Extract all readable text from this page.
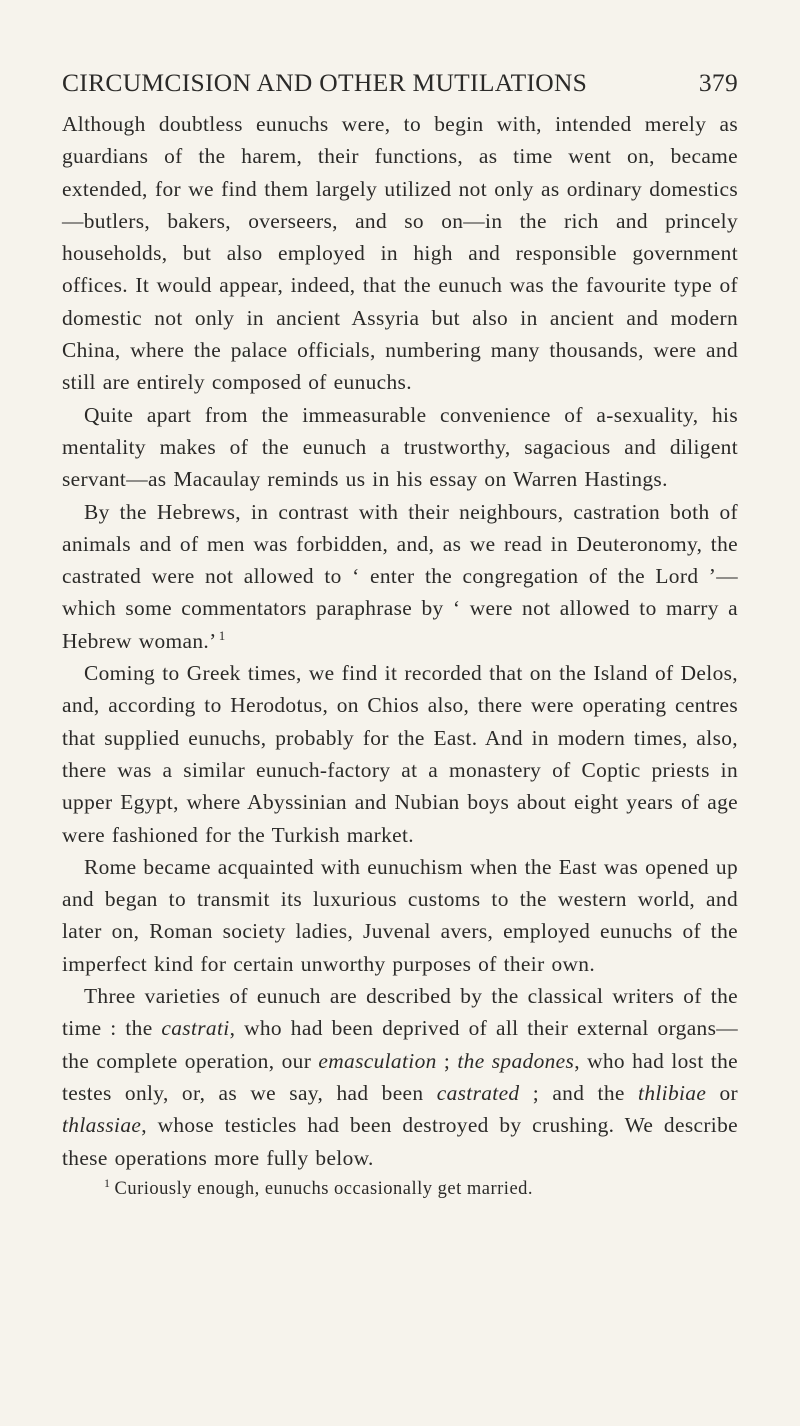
CIRCUMCISION AND OTHER MUTILATIONS	379

Although doubtless eunuchs were, to begin with, intended merely as guardians of the harem, their functions, as time went on, became extended, for we find them largely utilized not only as ordinary domestics—butlers, bakers, overseers, and so on—in the rich and princely households, but also employed in high and responsible government offices. It would appear, indeed, that the eunuch was the favourite type of domestic not only in ancient Assyria but also in ancient and modern China, where the palace officials, numbering many thousands, were and still are entirely composed of eunuchs.

Quite apart from the immeasurable convenience of a-sexuality, his mentality makes of the eunuch a trustworthy, sagacious and diligent servant—as Macaulay reminds us in his essay on Warren Hastings.

By the Hebrews, in contrast with their neighbours, castration both of animals and of men was forbidden, and, as we read in Deuteronomy, the castrated were not allowed to ‘ enter the congregation of the Lord ’—which some commentators paraphrase by ‘ were not allowed to marry a Hebrew woman.’  $^1$

Coming to Greek times, we find it recorded that on the Island of Delos, and, according to Herodotus, on Chios also, there were operating centres that supplied eunuchs, probably for the East. And in modern times, also, there was a similar eunuch-factory at a monastery of Coptic priests in upper Egypt, where Abyssinian and Nubian boys about eight years of age were fashioned for the Turkish market.

Rome became acquainted with eunuchism when the East was opened up and began to transmit its luxurious customs to the western world, and later on, Roman society ladies, Juvenal avers, employed eunuchs of the imperfect kind for certain unworthy purposes of their own.

Three varieties of eunuch are described by the classical writers of the time : the castrati, who had been deprived of all their external organs—the complete operation, our emasculation ; the spadones, who had lost the testes only, or, as we say, had been castrated ; and the thlibiae or thlassiae, whose testicles had been destroyed by crushing. We describe these operations more fully below.

$^1$ Curiously enough, eunuchs occasionally get married.
